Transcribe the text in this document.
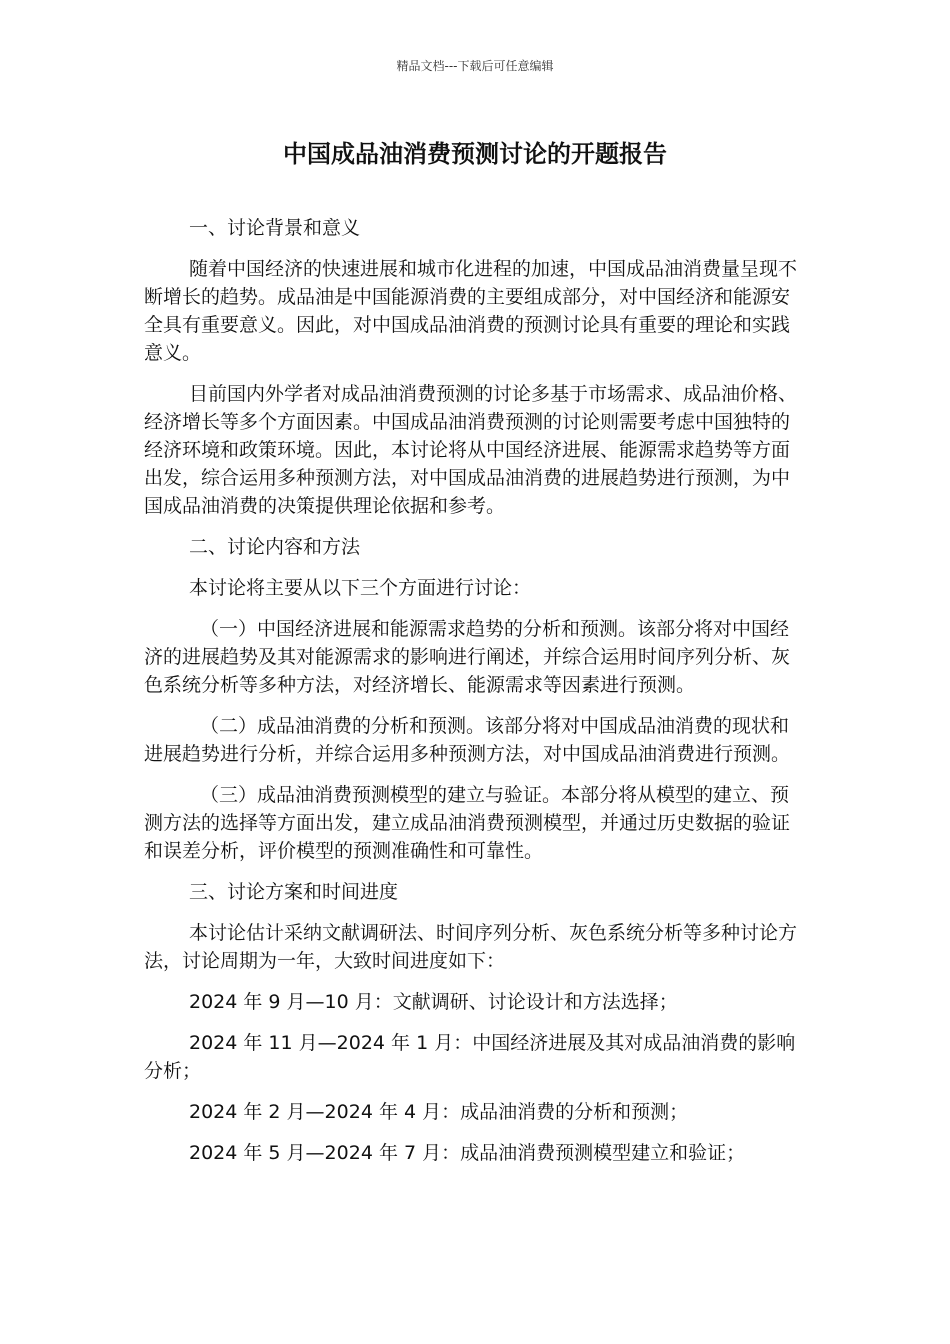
精品文档---下载后可任意编辑
中国成品油消费预测讨论的开题报告

一、讨论背景和意义

随着中国经济的快速进展和城市化进程的加速，中国成品油消费量呈现不断增长的趋势。成品油是中国能源消费的主要组成部分，对中国经济和能源安全具有重要意义。因此，对中国成品油消费的预测讨论具有重要的理论和实践意义。

目前国内外学者对成品油消费预测的讨论多基于市场需求、成品油价格、经济增长等多个方面因素。中国成品油消费预测的讨论则需要考虑中国独特的经济环境和政策环境。因此，本讨论将从中国经济进展、能源需求趋势等方面出发，综合运用多种预测方法，对中国成品油消费的进展趋势进行预测，为中国成品油消费的决策提供理论依据和参考。

二、讨论内容和方法

本讨论将主要从以下三个方面进行讨论：

（一）中国经济进展和能源需求趋势的分析和预测。该部分将对中国经济的进展趋势及其对能源需求的影响进行阐述，并综合运用时间序列分析、灰色系统分析等多种方法，对经济增长、能源需求等因素进行预测。

（二）成品油消费的分析和预测。该部分将对中国成品油消费的现状和进展趋势进行分析，并综合运用多种预测方法，对中国成品油消费进行预测。

（三）成品油消费预测模型的建立与验证。本部分将从模型的建立、预测方法的选择等方面出发，建立成品油消费预测模型，并通过历史数据的验证和误差分析，评价模型的预测准确性和可靠性。

三、讨论方案和时间进度

本讨论估计采纳文献调研法、时间序列分析、灰色系统分析等多种讨论方法，讨论周期为一年，大致时间进度如下：

2024 年 9 月—10 月：文献调研、讨论设计和方法选择；

2024 年 11 月—2024 年 1 月：中国经济进展及其对成品油消费的影响分析；

2024 年 2 月—2024 年 4 月：成品油消费的分析和预测；

2024 年 5 月—2024 年 7 月：成品油消费预测模型建立和验证；
